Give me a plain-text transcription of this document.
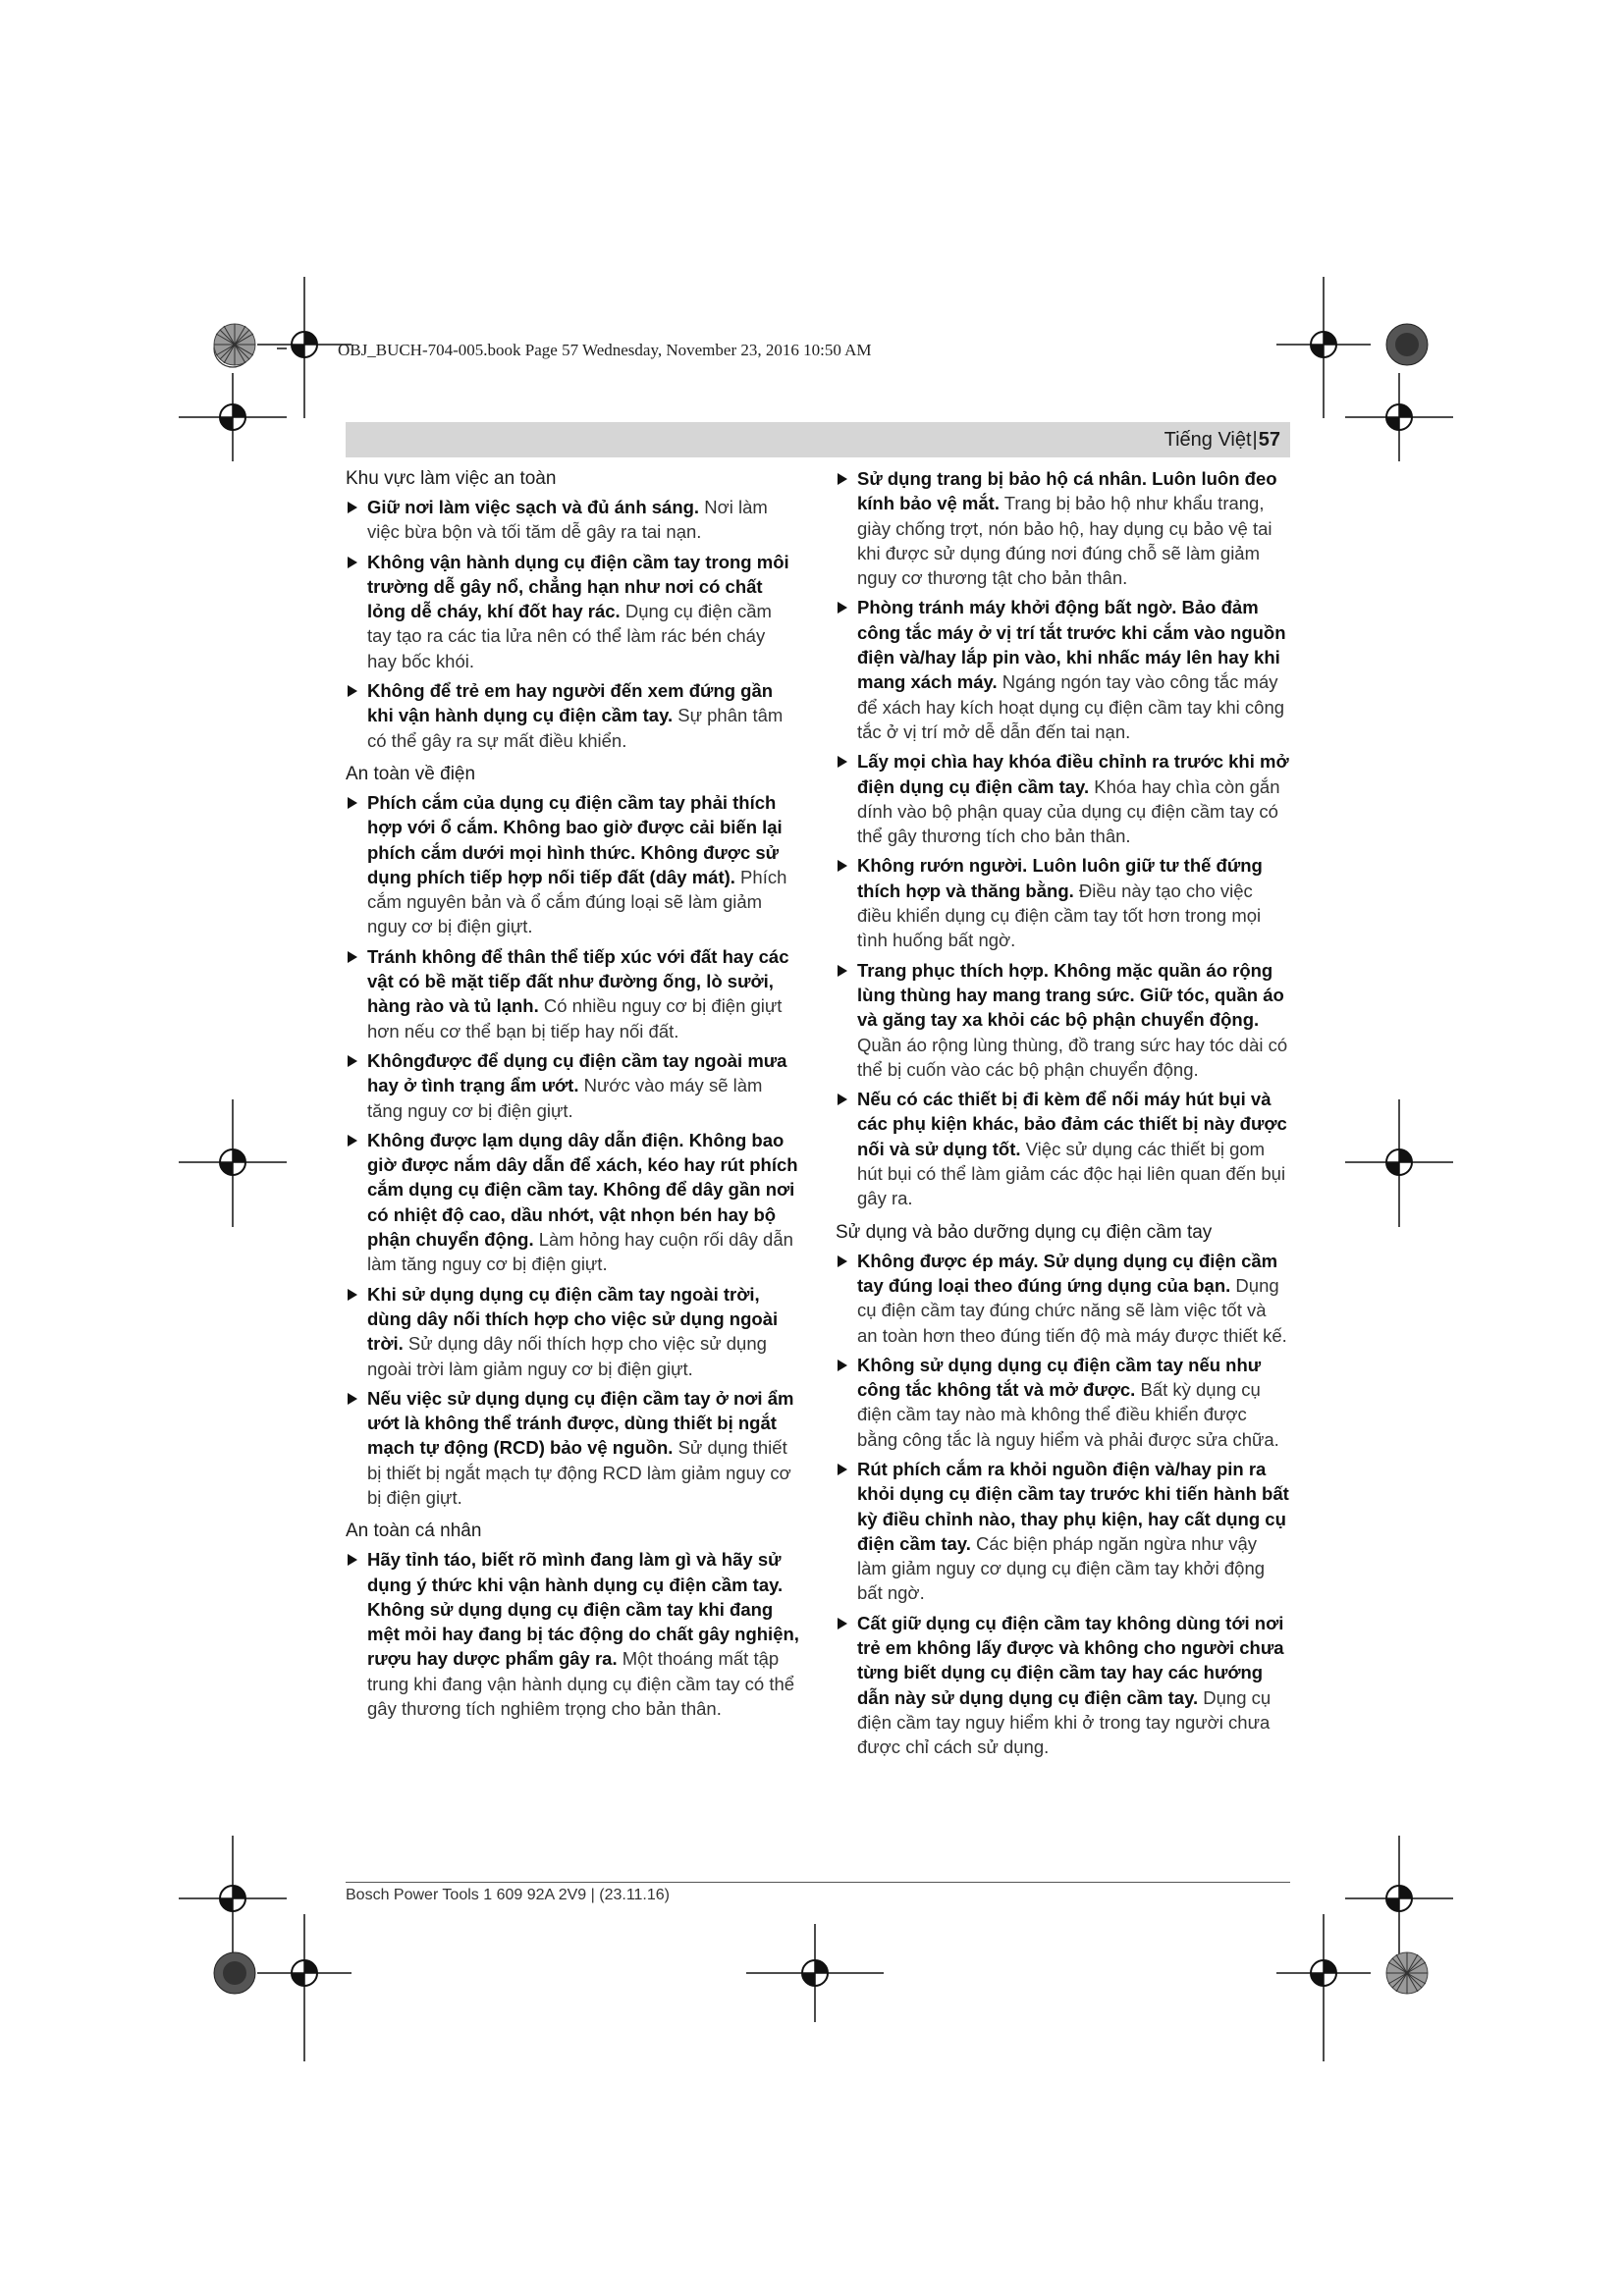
OBJ_BUCH-704-005.book Page 57 Wednesday, November 23, 2016 10:50 AM

Tiếng Việt|57
Khu vực làm việc an toàn
Giữ nơi làm việc sạch và đủ ánh sáng. Nơi làm việc bừa bộn và tối tăm dễ gây ra tai nạn.
Không vận hành dụng cụ điện cầm tay trong môi trường dễ gây nổ, chẳng hạn như nơi có chất lỏng dễ cháy, khí đốt hay rác. Dụng cụ điện cầm tay tạo ra các tia lửa nên có thể làm rác bén cháy hay bốc khói.
Không để trẻ em hay người đến xem đứng gần khi vận hành dụng cụ điện cầm tay. Sự phân tâm có thể gây ra sự mất điều khiển.
An toàn về điện
Phích cắm của dụng cụ điện cầm tay phải thích hợp với ổ cắm. Không bao giờ được cải biến lại phích cắm dưới mọi hình thức. Không được sử dụng phích tiếp hợp nối tiếp đất (dây mát). Phích cắm nguyên bản và ổ cắm đúng loại sẽ làm giảm nguy cơ bị điện giựt.
Tránh không để thân thể tiếp xúc với đất hay các vật có bề mặt tiếp đất như đường ống, lò sưởi, hàng rào và tủ lạnh. Có nhiều nguy cơ bị điện giựt hơn nếu cơ thể bạn bị tiếp hay nối đất.
Khôngđược để dụng cụ điện cầm tay ngoài mưa hay ở tình trạng ẩm ướt. Nước vào máy sẽ làm tăng nguy cơ bị điện giựt.
Không được lạm dụng dây dẫn điện. Không bao giờ được nắm dây dẫn để xách, kéo hay rút phích cắm dụng cụ điện cầm tay. Không để dây gần nơi có nhiệt độ cao, dầu nhớt, vật nhọn bén hay bộ phận chuyển động. Làm hỏng hay cuộn rối dây dẫn làm tăng nguy cơ bị điện giựt.
Khi sử dụng dụng cụ điện cầm tay ngoài trời, dùng dây nối thích hợp cho việc sử dụng ngoài trời. Sử dụng dây nối thích hợp cho việc sử dụng ngoài trời làm giảm nguy cơ bị điện giựt.
Nếu việc sử dụng dụng cụ điện cầm tay ở nơi ẩm ướt là không thể tránh được, dùng thiết bị ngắt mạch tự động (RCD) bảo vệ nguồn. Sử dụng thiết bị thiết bị ngắt mạch tự động RCD làm giảm nguy cơ bị điện giựt.
An toàn cá nhân
Hãy tỉnh táo, biết rõ mình đang làm gì và hãy sử dụng ý thức khi vận hành dụng cụ điện cầm tay. Không sử dụng dụng cụ điện cầm tay khi đang mệt mỏi hay đang bị tác động do chất gây nghiện, rượu hay dược phẩm gây ra. Một thoáng mất tập trung khi đang vận hành dụng cụ điện cầm tay có thể gây thương tích nghiêm trọng cho bản thân.
Sử dụng trang bị bảo hộ cá nhân. Luôn luôn đeo kính bảo vệ mắt. Trang bị bảo hộ như khẩu trang, giày chống trợt, nón bảo hộ, hay dụng cụ bảo vệ tai khi được sử dụng đúng nơi đúng chỗ sẽ làm giảm nguy cơ thương tật cho bản thân.
Phòng tránh máy khởi động bất ngờ. Bảo đảm công tắc máy ở vị trí tắt trước khi cắm vào nguồn điện và/hay lắp pin vào, khi nhấc máy lên hay khi mang xách máy. Ngáng ngón tay vào công tắc máy để xách hay kích hoạt dụng cụ điện cầm tay khi công tắc ở vị trí mở dễ dẫn đến tai nạn.
Lấy mọi chìa hay khóa điều chỉnh ra trước khi mở điện dụng cụ điện cầm tay. Khóa hay chìa còn gắn dính vào bộ phận quay của dụng cụ điện cầm tay có thể gây thương tích cho bản thân.
Không rướn người. Luôn luôn giữ tư thế đứng thích hợp và thăng bằng. Điều này tạo cho việc điều khiển dụng cụ điện cầm tay tốt hơn trong mọi tình huống bất ngờ.
Trang phục thích hợp. Không mặc quần áo rộng lùng thùng hay mang trang sức. Giữ tóc, quần áo và găng tay xa khỏi các bộ phận chuyển động. Quần áo rộng lùng thùng, đồ trang sức hay tóc dài có thể bị cuốn vào các bộ phận chuyển động.
Nếu có các thiết bị đi kèm để nối máy hút bụi và các phụ kiện khác, bảo đảm các thiết bị này được nối và sử dụng tốt. Việc sử dụng các thiết bị gom hút bụi có thể làm giảm các độc hại liên quan đến bụi gây ra.
Sử dụng và bảo dưỡng dụng cụ điện cầm tay
Không được ép máy. Sử dụng dụng cụ điện cầm tay đúng loại theo đúng ứng dụng của bạn. Dụng cụ điện cầm tay đúng chức năng sẽ làm việc tốt và an toàn hơn theo đúng tiến độ mà máy được thiết kế.
Không sử dụng dụng cụ điện cầm tay nếu như công tắc không tắt và mở được. Bất kỳ dụng cụ điện cầm tay nào mà không thể điều khiển được bằng công tắc là nguy hiểm và phải được sửa chữa.
Rút phích cắm ra khỏi nguồn điện và/hay pin ra khỏi dụng cụ điện cầm tay trước khi tiến hành bất kỳ điều chỉnh nào, thay phụ kiện, hay cất dụng cụ điện cầm tay. Các biện pháp ngăn ngừa như vậy làm giảm nguy cơ dụng cụ điện cầm tay khởi động bất ngờ.
Cất giữ dụng cụ điện cầm tay không dùng tới nơi trẻ em không lấy được và không cho người chưa từng biết dụng cụ điện cầm tay hay các hướng dẫn này sử dụng dụng cụ điện cầm tay. Dụng cụ điện cầm tay nguy hiểm khi ở trong tay người chưa được chỉ cách sử dụng.

Bosch Power Tools 1 609 92A 2V9 | (23.11.16)
